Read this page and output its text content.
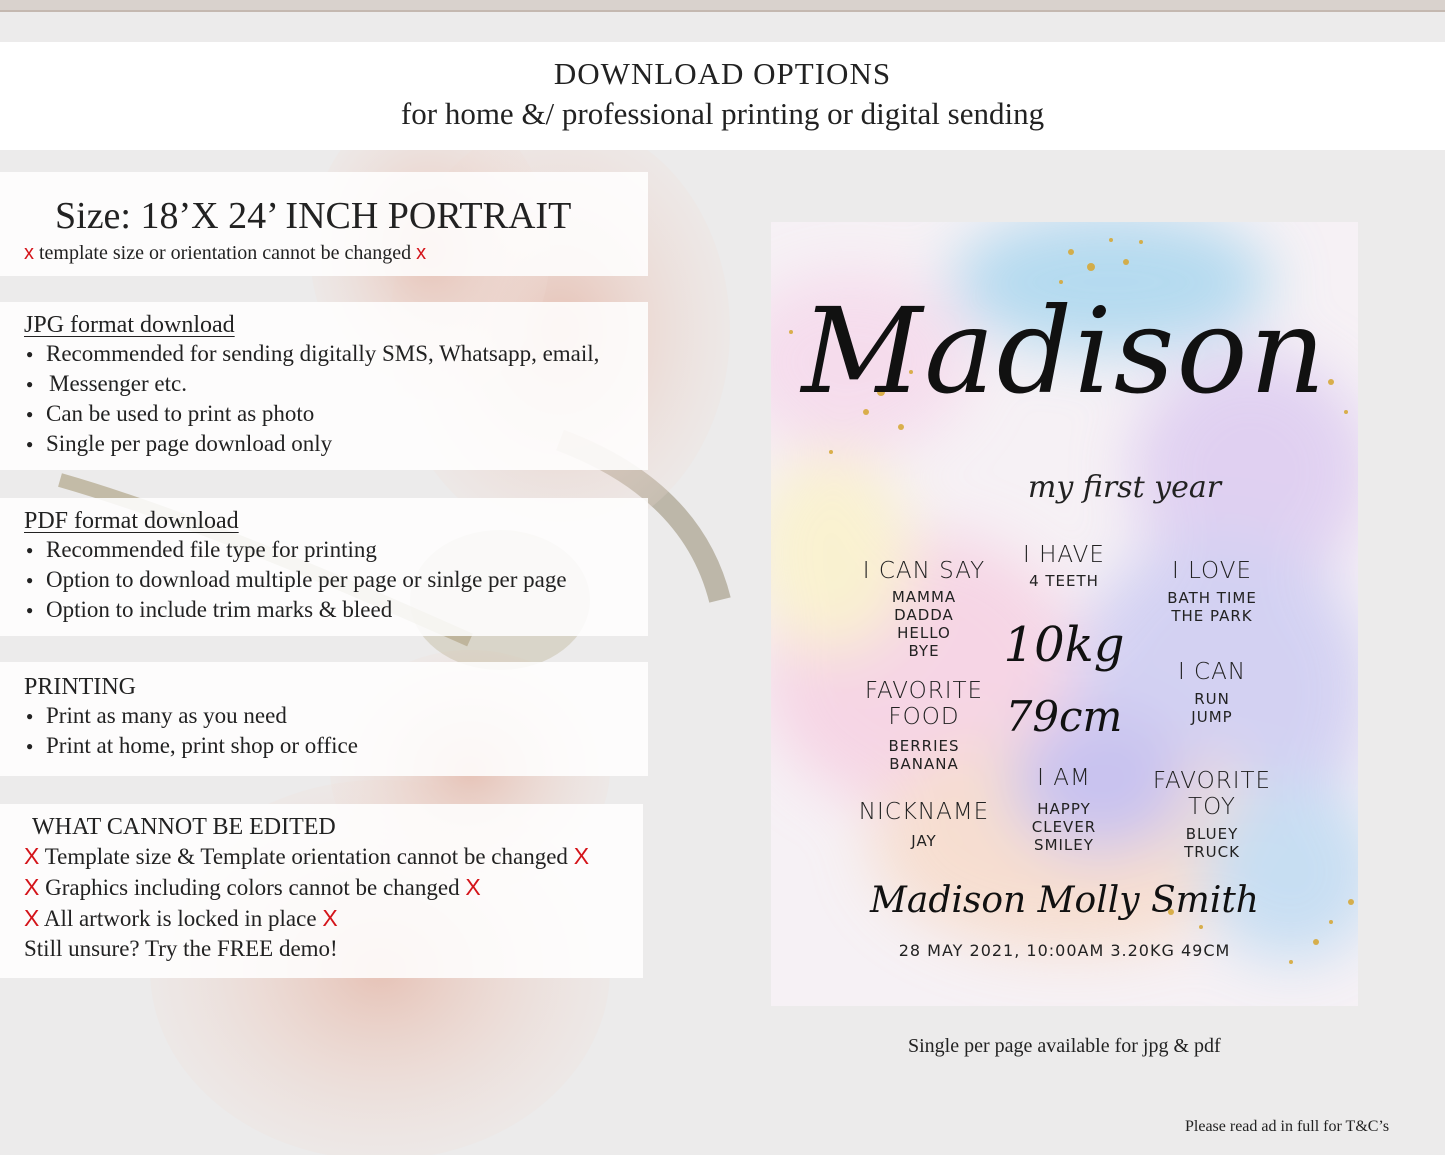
DOWNLOAD OPTIONS
for home &/ professional printing or digital sending
Size: 18’X 24’ INCH PORTRAIT
x template size or orientation cannot be changed x
JPG format download
● Recommended for sending digitally SMS, Whatsapp, email,
● Messenger etc.
● Can be used to print as photo
● Single per page download only
PDF format download
● Recommended file type for printing
● Option to download multiple per page or sinlge per page
● Option to include trim marks & bleed
PRINTING
● Print as many as you need
● Print at home, print shop or office
WHAT CANNOT BE EDITED
X Template size & Template orientation cannot be changed X
X Graphics including colors cannot be changed X
X All artwork is locked in place X
Still unsure? Try the FREE demo!
Madison
my first year
I CAN SAY
MAMMA
DADDA
HELLO
BYE
I HAVE
4 TEETH	I LOVE
BATH TIME
THE PARK
10kg
79cm
FAVORITE
FOOD
BERRIES
BANANA
I CAN
RUN
JUMP
I AM
HAPPY
CLEVER
SMILEY
NICKNAME
JAY
FAVORITE
TOY
BLUEY
TRUCK
Madison Molly Smith
28 MAY 2021, 10:00AM 3.20KG 49CM
Single per page available for jpg & pdf
Please read ad in full for T&C’s
